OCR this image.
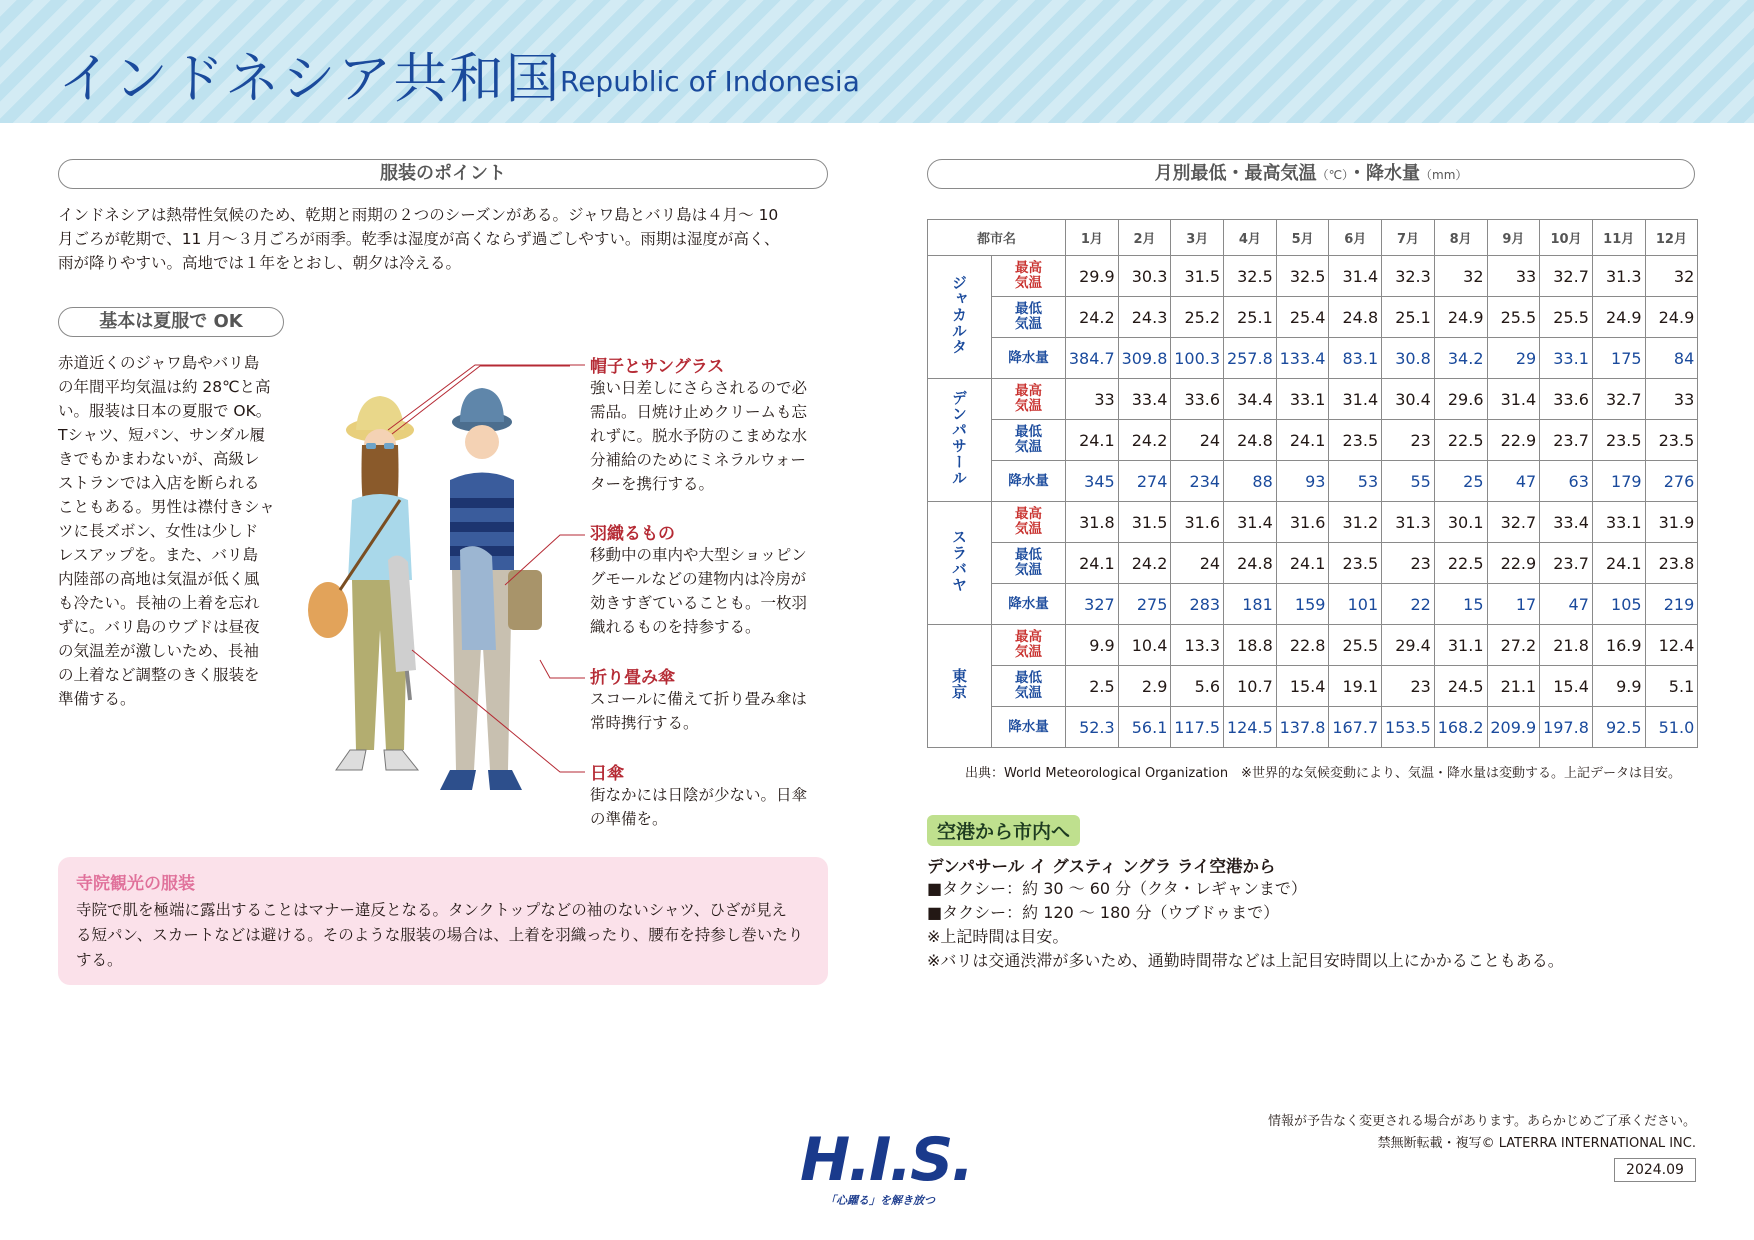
インドネシア共和国
Republic of Indonesia
服装のポイント
インドネシアは熱帯性気候のため、乾期と雨期の２つのシーズンがある。ジャワ島とバリ島は４月～ 10
月ごろが乾期で、11 月～３月ごろが雨季。乾季は湿度が高くならず過ごしやすい。雨期は湿度が高く、
雨が降りやすい。高地では１年をとおし、朝夕は冷える。
基本は夏服で OK
赤道近くのジャワ島やバリ島
の年間平均気温は約 28℃と高
い。服装は日本の夏服で OK。
Tシャツ、短パン、サンダル履
きでもかまわないが、高級レ
ストランでは入店を断られる
こともある。男性は襟付きシャ
ツに長ズボン、女性は少しド
レスアップを。また、バリ島
内陸部の高地は気温が低く風
も冷たい。長袖の上着を忘れ
ずに。バリ島のウブドは昼夜
の気温差が激しいため、長袖
の上着など調整のきく服装を
準備する。
帽子とサングラス
強い日差しにさらされるので必
需品。日焼け止めクリームも忘
れずに。脱水予防のこまめな水
分補給のためにミネラルウォー
ターを携行する。
羽織るもの
移動中の車内や大型ショッピン
グモールなどの建物内は冷房が
効きすぎていることも。一枚羽
織れるものを持参する。
折り畳み傘
スコールに備えて折り畳み傘は
常時携行する。
日傘
街なかには日陰が少ない。日傘
の準備を。
寺院観光の服装
寺院で肌を極端に露出することはマナー違反となる。タンクトップなどの袖のないシャツ、ひざが見え
る短パン、スカートなどは避ける。そのような服装の場合は、上着を羽織ったり、腰布を持参し巻いたり
する。
月別最低・最高気温（℃）・降水量（mm）
都市名		1月	2月	3月	4月	5月	6月	7月	8月	9月	10月	11月	12月
ジャカルタ	最高気温	29.9	30.3	31.5	32.5	32.5	31.4	32.3	32	33	32.7	31.3	32
	最低気温	24.2	24.3	25.2	25.1	25.4	24.8	25.1	24.9	25.5	25.5	24.9	24.9
	降水量	384.7	309.8	100.3	257.8	133.4	83.1	30.8	34.2	29	33.1	175	84
デンパサール	最高気温	33	33.4	33.6	34.4	33.1	31.4	30.4	29.6	31.4	33.6	32.7	33
	最低気温	24.1	24.2	24	24.8	24.1	23.5	23	22.5	22.9	23.7	23.5	23.5
	降水量	345	274	234	88	93	53	55	25	47	63	179	276
スラバヤ	最高気温	31.8	31.5	31.6	31.4	31.6	31.2	31.3	30.1	32.7	33.4	33.1	31.9
	最低気温	24.1	24.2	24	24.8	24.1	23.5	23	22.5	22.9	23.7	24.1	23.8
	降水量	327	275	283	181	159	101	22	15	17	47	105	219
東京	最高気温	9.9	10.4	13.3	18.8	22.8	25.5	29.4	31.1	27.2	21.8	16.9	12.4
	最低気温	2.5	2.9	5.6	10.7	15.4	19.1	23	24.5	21.1	15.4	9.9	5.1
	降水量	52.3	56.1	117.5	124.5	137.8	167.7	153.5	168.2	209.9	197.8	92.5	51.0
出典：World Meteorological Organization　※世界的な気候変動により、気温・降水量は変動する。上記データは目安。
空港から市内へ
デンパサール イ グスティ ングラ ライ空港から
■タクシー：約 30 ～ 60 分（クタ・レギャンまで）
■タクシー：約 120 ～ 180 分（ウブドゥまで）
※上記時間は目安。
※バリは交通渋滞が多いため、通勤時間帯などは上記目安時間以上にかかることもある。
情報が予告なく変更される場合があります。あらかじめご了承ください。
禁無断転載・複写© LATERRA INTERNATIONAL INC.
2024.09
H.I.S.
「心躍る」を解き放つ
